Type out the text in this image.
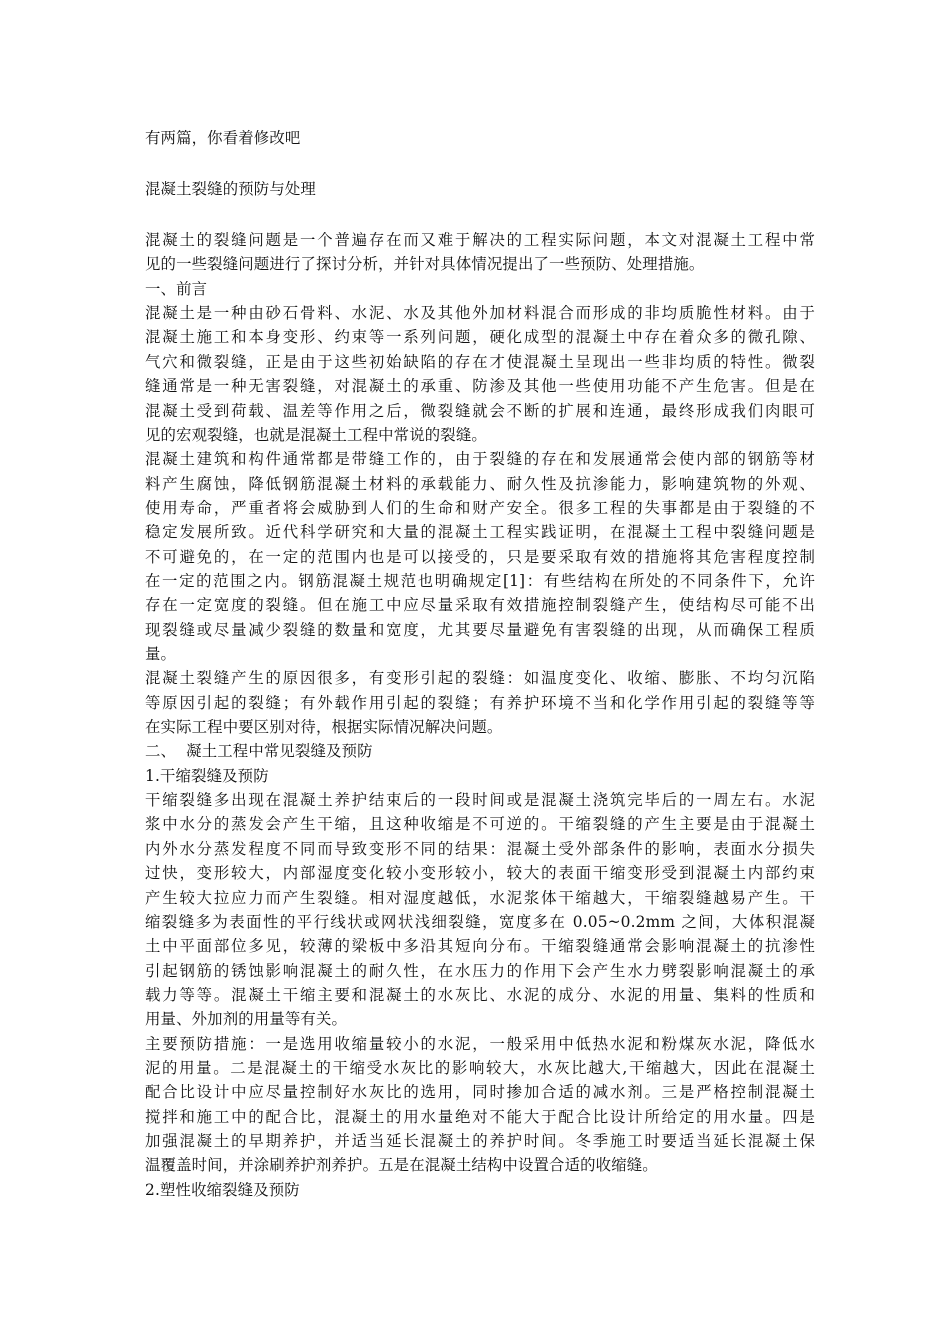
有两篇，你看着修改吧
混凝土裂缝的预防与处理
混凝土的裂缝问题是一个普遍存在而又难于解决的工程实际问题，本文对混凝土工程中常
见的一些裂缝问题进行了探讨分析，并针对具体情况提出了一些预防、处理措施。
一、前言
混凝土是一种由砂石骨料、水泥、水及其他外加材料混合而形成的非均质脆性材料。由于
混凝土施工和本身变形、约束等一系列问题，硬化成型的混凝土中存在着众多的微孔隙、
气穴和微裂缝，正是由于这些初始缺陷的存在才使混凝土呈现出一些非均质的特性。微裂
缝通常是一种无害裂缝，对混凝土的承重、防渗及其他一些使用功能不产生危害。但是在
混凝土受到荷载、温差等作用之后，微裂缝就会不断的扩展和连通，最终形成我们肉眼可
见的宏观裂缝，也就是混凝土工程中常说的裂缝。
混凝土建筑和构件通常都是带缝工作的，由于裂缝的存在和发展通常会使内部的钢筋等材
料产生腐蚀，降低钢筋混凝土材料的承载能力、耐久性及抗渗能力，影响建筑物的外观、
使用寿命，严重者将会威胁到人们的生命和财产安全。很多工程的失事都是由于裂缝的不
稳定发展所致。近代科学研究和大量的混凝土工程实践证明，在混凝土工程中裂缝问题是
不可避免的，在一定的范围内也是可以接受的，只是要采取有效的措施将其危害程度控制
在一定的范围之内。钢筋混凝土规范也明确规定[1]：有些结构在所处的不同条件下，允许
存在一定宽度的裂缝。但在施工中应尽量采取有效措施控制裂缝产生，使结构尽可能不出
现裂缝或尽量减少裂缝的数量和宽度，尤其要尽量避免有害裂缝的出现，从而确保工程质
量。
混凝土裂缝产生的原因很多，有变形引起的裂缝：如温度变化、收缩、膨胀、不均匀沉陷
等原因引起的裂缝；有外载作用引起的裂缝；有养护环境不当和化学作用引起的裂缝等等
在实际工程中要区别对待，根据实际情况解决问题。
二、  凝土工程中常见裂缝及预防
1.干缩裂缝及预防
干缩裂缝多出现在混凝土养护结束后的一段时间或是混凝土浇筑完毕后的一周左右。水泥
浆中水分的蒸发会产生干缩，且这种收缩是不可逆的。干缩裂缝的产生主要是由于混凝土
内外水分蒸发程度不同而导致变形不同的结果：混凝土受外部条件的影响，表面水分损失
过快，变形较大，内部湿度变化较小变形较小，较大的表面干缩变形受到混凝土内部约束
产生较大拉应力而产生裂缝。相对湿度越低，水泥浆体干缩越大，干缩裂缝越易产生。干
缩裂缝多为表面性的平行线状或网状浅细裂缝，宽度多在 0.05~0.2mm 之间，大体积混凝
土中平面部位多见，较薄的梁板中多沿其短向分布。干缩裂缝通常会影响混凝土的抗渗性
引起钢筋的锈蚀影响混凝土的耐久性，在水压力的作用下会产生水力劈裂影响混凝土的承
载力等等。混凝土干缩主要和混凝土的水灰比、水泥的成分、水泥的用量、集料的性质和
用量、外加剂的用量等有关。
主要预防措施：一是选用收缩量较小的水泥，一般采用中低热水泥和粉煤灰水泥，降低水
泥的用量。二是混凝土的干缩受水灰比的影响较大，水灰比越大,干缩越大，因此在混凝土
配合比设计中应尽量控制好水灰比的选用，同时掺加合适的减水剂。三是严格控制混凝土
搅拌和施工中的配合比，混凝土的用水量绝对不能大于配合比设计所给定的用水量。四是
加强混凝土的早期养护，并适当延长混凝土的养护时间。冬季施工时要适当延长混凝土保
温覆盖时间，并涂刷养护剂养护。五是在混凝土结构中设置合适的收缩缝。
2.塑性收缩裂缝及预防
